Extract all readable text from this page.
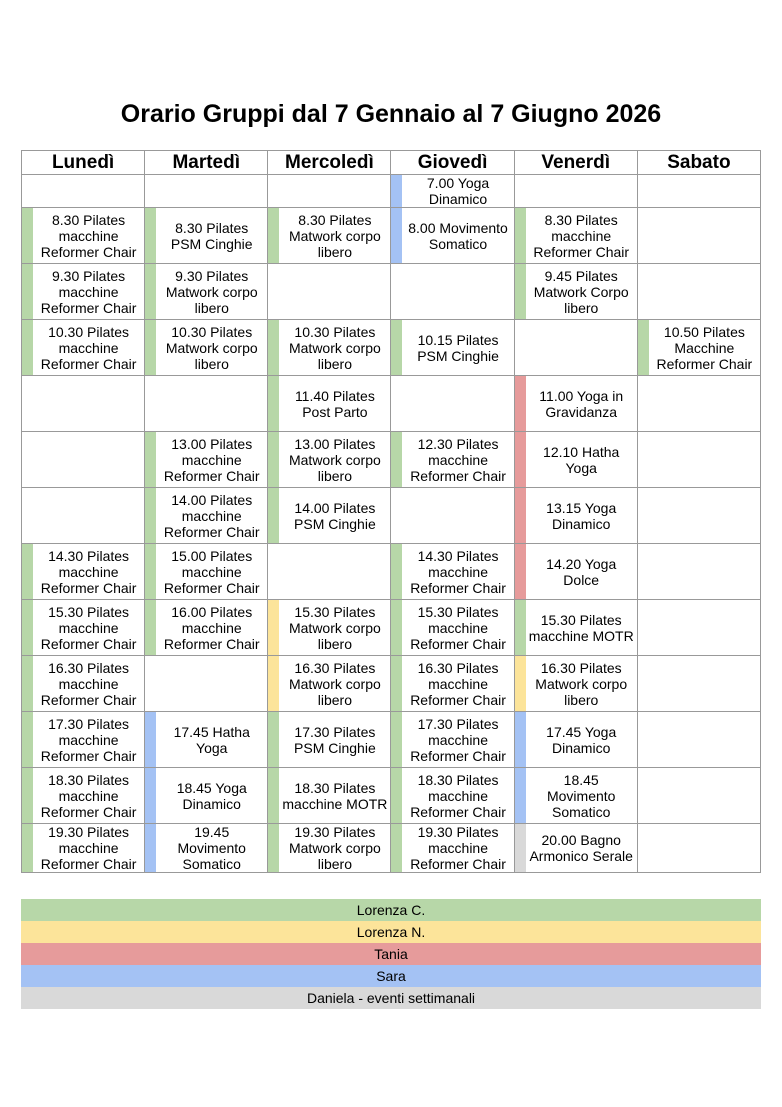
Orario Gruppi dal 7 Gennaio al 7 Giugno 2026
Lunedì	Martedì	Mercoledì	Giovedì	Venerdì	Sabato

			7.00 Yoga Dinamico		

8.30 Pilates macchine Reformer Chair	8.30 Pilates PSM Cinghie	8.30 Pilates Matwork corpo libero	8.00 Movimento Somatico	8.30 Pilates macchine Reformer Chair	

9.30 Pilates macchine Reformer Chair	9.30 Pilates Matwork corpo libero			9.45 Pilates Matwork Corpo libero	

10.30 Pilates macchine Reformer Chair	10.30 Pilates Matwork corpo libero	10.30 Pilates Matwork corpo libero	10.15 Pilates PSM Cinghie		10.50 Pilates Macchine Reformer Chair

		11.40 Pilates Post Parto		11.00 Yoga in Gravidanza	

	13.00 Pilates macchine Reformer Chair	13.00 Pilates Matwork corpo libero	12.30 Pilates macchine Reformer Chair	12.10 Hatha Yoga	

	14.00 Pilates macchine Reformer Chair	14.00 Pilates PSM Cinghie		13.15 Yoga Dinamico	

14.30 Pilates macchine Reformer Chair	15.00 Pilates macchine Reformer Chair		14.30 Pilates macchine Reformer Chair	14.20 Yoga Dolce	

15.30 Pilates macchine Reformer Chair	16.00 Pilates macchine Reformer Chair	15.30 Pilates Matwork corpo libero	15.30 Pilates macchine Reformer Chair	15.30 Pilates macchine MOTR	

16.30 Pilates macchine Reformer Chair		16.30 Pilates Matwork corpo libero	16.30 Pilates macchine Reformer Chair	16.30 Pilates Matwork corpo libero	

17.30 Pilates macchine Reformer Chair	17.45 Hatha Yoga	17.30 Pilates PSM Cinghie	17.30 Pilates macchine Reformer Chair	17.45 Yoga Dinamico	

18.30 Pilates macchine Reformer Chair	18.45 Yoga Dinamico	18.30 Pilates macchine MOTR	18.30 Pilates macchine Reformer Chair	18.45 Movimento Somatico	

19.30 Pilates macchine Reformer Chair	19.45 Movimento Somatico	19.30 Pilates Matwork corpo libero	19.30 Pilates macchine Reformer Chair	20.00 Bagno Armonico Serale	

Lorenza C.
Lorenza N.
Tania
Sara
Daniela - eventi settimanali
